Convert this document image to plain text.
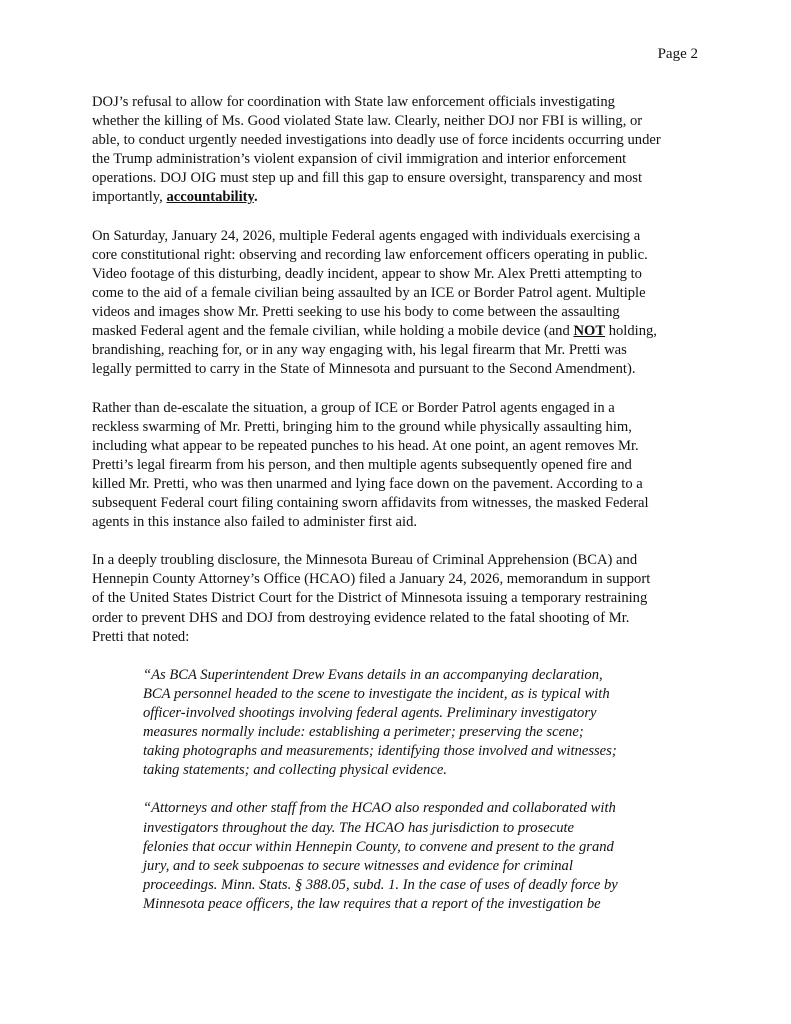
Page 2
DOJ’s refusal to allow for coordination with State law enforcement officials investigating
whether the killing of Ms. Good violated State law. Clearly, neither DOJ nor FBI is willing, or
able, to conduct urgently needed investigations into deadly use of force incidents occurring under
the Trump administration’s violent expansion of civil immigration and interior enforcement
operations. DOJ OIG must step up and fill this gap to ensure oversight, transparency and most
importantly, accountability.
On Saturday, January 24, 2026, multiple Federal agents engaged with individuals exercising a
core constitutional right: observing and recording law enforcement officers operating in public.
Video footage of this disturbing, deadly incident, appear to show Mr. Alex Pretti attempting to
come to the aid of a female civilian being assaulted by an ICE or Border Patrol agent. Multiple
videos and images show Mr. Pretti seeking to use his body to come between the assaulting
masked Federal agent and the female civilian, while holding a mobile device (and NOT holding,
brandishing, reaching for, or in any way engaging with, his legal firearm that Mr. Pretti was
legally permitted to carry in the State of Minnesota and pursuant to the Second Amendment).
Rather than de-escalate the situation, a group of ICE or Border Patrol agents engaged in a
reckless swarming of Mr. Pretti, bringing him to the ground while physically assaulting him,
including what appear to be repeated punches to his head. At one point, an agent removes Mr.
Pretti’s legal firearm from his person, and then multiple agents subsequently opened fire and
killed Mr. Pretti, who was then unarmed and lying face down on the pavement. According to a
subsequent Federal court filing containing sworn affidavits from witnesses, the masked Federal
agents in this instance also failed to administer first aid.
In a deeply troubling disclosure, the Minnesota Bureau of Criminal Apprehension (BCA) and
Hennepin County Attorney’s Office (HCAO) filed a January 24, 2026, memorandum in support
of the United States District Court for the District of Minnesota issuing a temporary restraining
order to prevent DHS and DOJ from destroying evidence related to the fatal shooting of Mr.
Pretti that noted:
“As BCA Superintendent Drew Evans details in an accompanying declaration,
BCA personnel headed to the scene to investigate the incident, as is typical with
officer-involved shootings involving federal agents. Preliminary investigatory
measures normally include: establishing a perimeter; preserving the scene;
taking photographs and measurements; identifying those involved and witnesses;
taking statements; and collecting physical evidence.
“Attorneys and other staff from the HCAO also responded and collaborated with
investigators throughout the day. The HCAO has jurisdiction to prosecute
felonies that occur within Hennepin County, to convene and present to the grand
jury, and to seek subpoenas to secure witnesses and evidence for criminal
proceedings. Minn. Stats. § 388.05, subd. 1. In the case of uses of deadly force by
Minnesota peace officers, the law requires that a report of the investigation be
